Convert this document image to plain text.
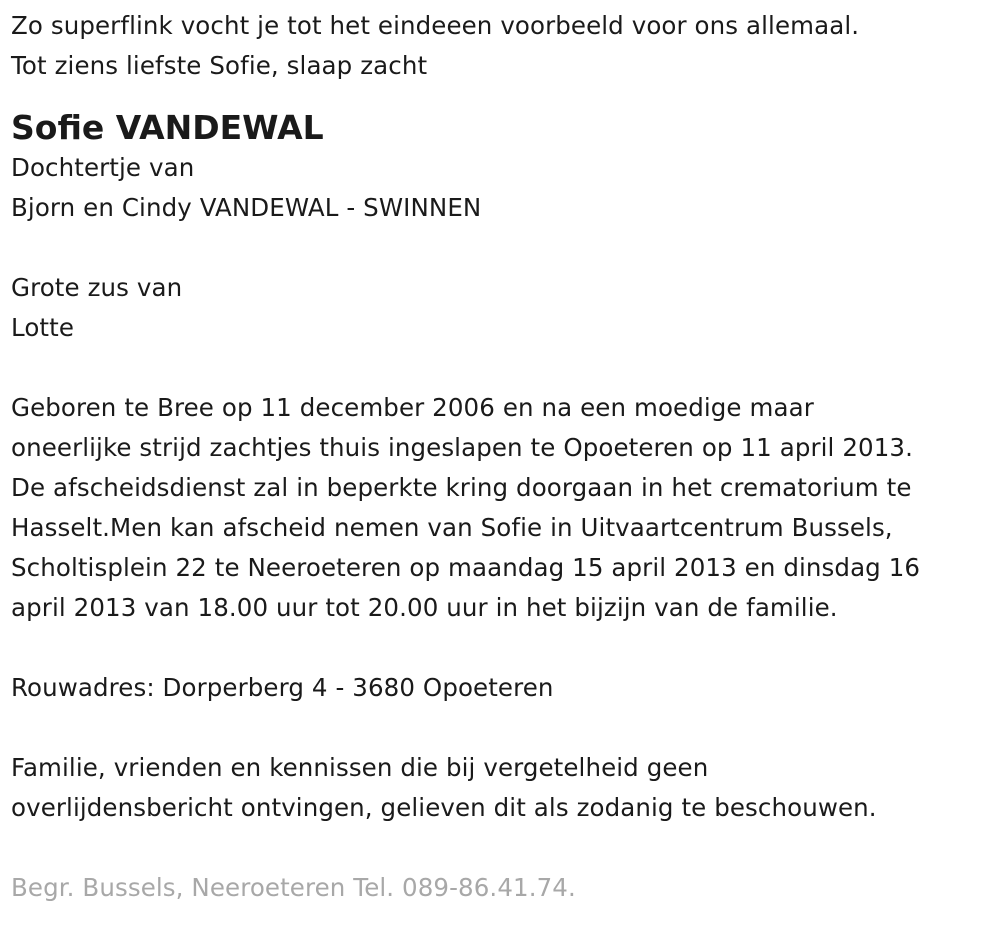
Zo superflink vocht je tot het eindeeen voorbeeld voor ons allemaal.
Tot ziens liefste Sofie, slaap zacht
Sofie VANDEWAL
Dochtertje van
Bjorn en Cindy VANDEWAL - SWINNEN
Grote zus van
Lotte
Geboren te Bree op 11 december 2006 en na een moedige maar
oneerlijke strijd zachtjes thuis ingeslapen te Opoeteren op 11 april 2013.
De afscheidsdienst zal in beperkte kring doorgaan in het crematorium te
Hasselt.Men kan afscheid nemen van Sofie in Uitvaartcentrum Bussels,
Scholtisplein 22 te Neeroeteren op maandag 15 april 2013 en dinsdag 16
april 2013 van 18.00 uur tot 20.00 uur in het bijzijn van de familie.
Rouwadres: Dorperberg 4 - 3680 Opoeteren
Familie, vrienden en kennissen die bij vergetelheid geen
overlijdensbericht ontvingen, gelieven dit als zodanig te beschouwen.
Begr. Bussels, Neeroeteren Tel. 089-86.41.74.
